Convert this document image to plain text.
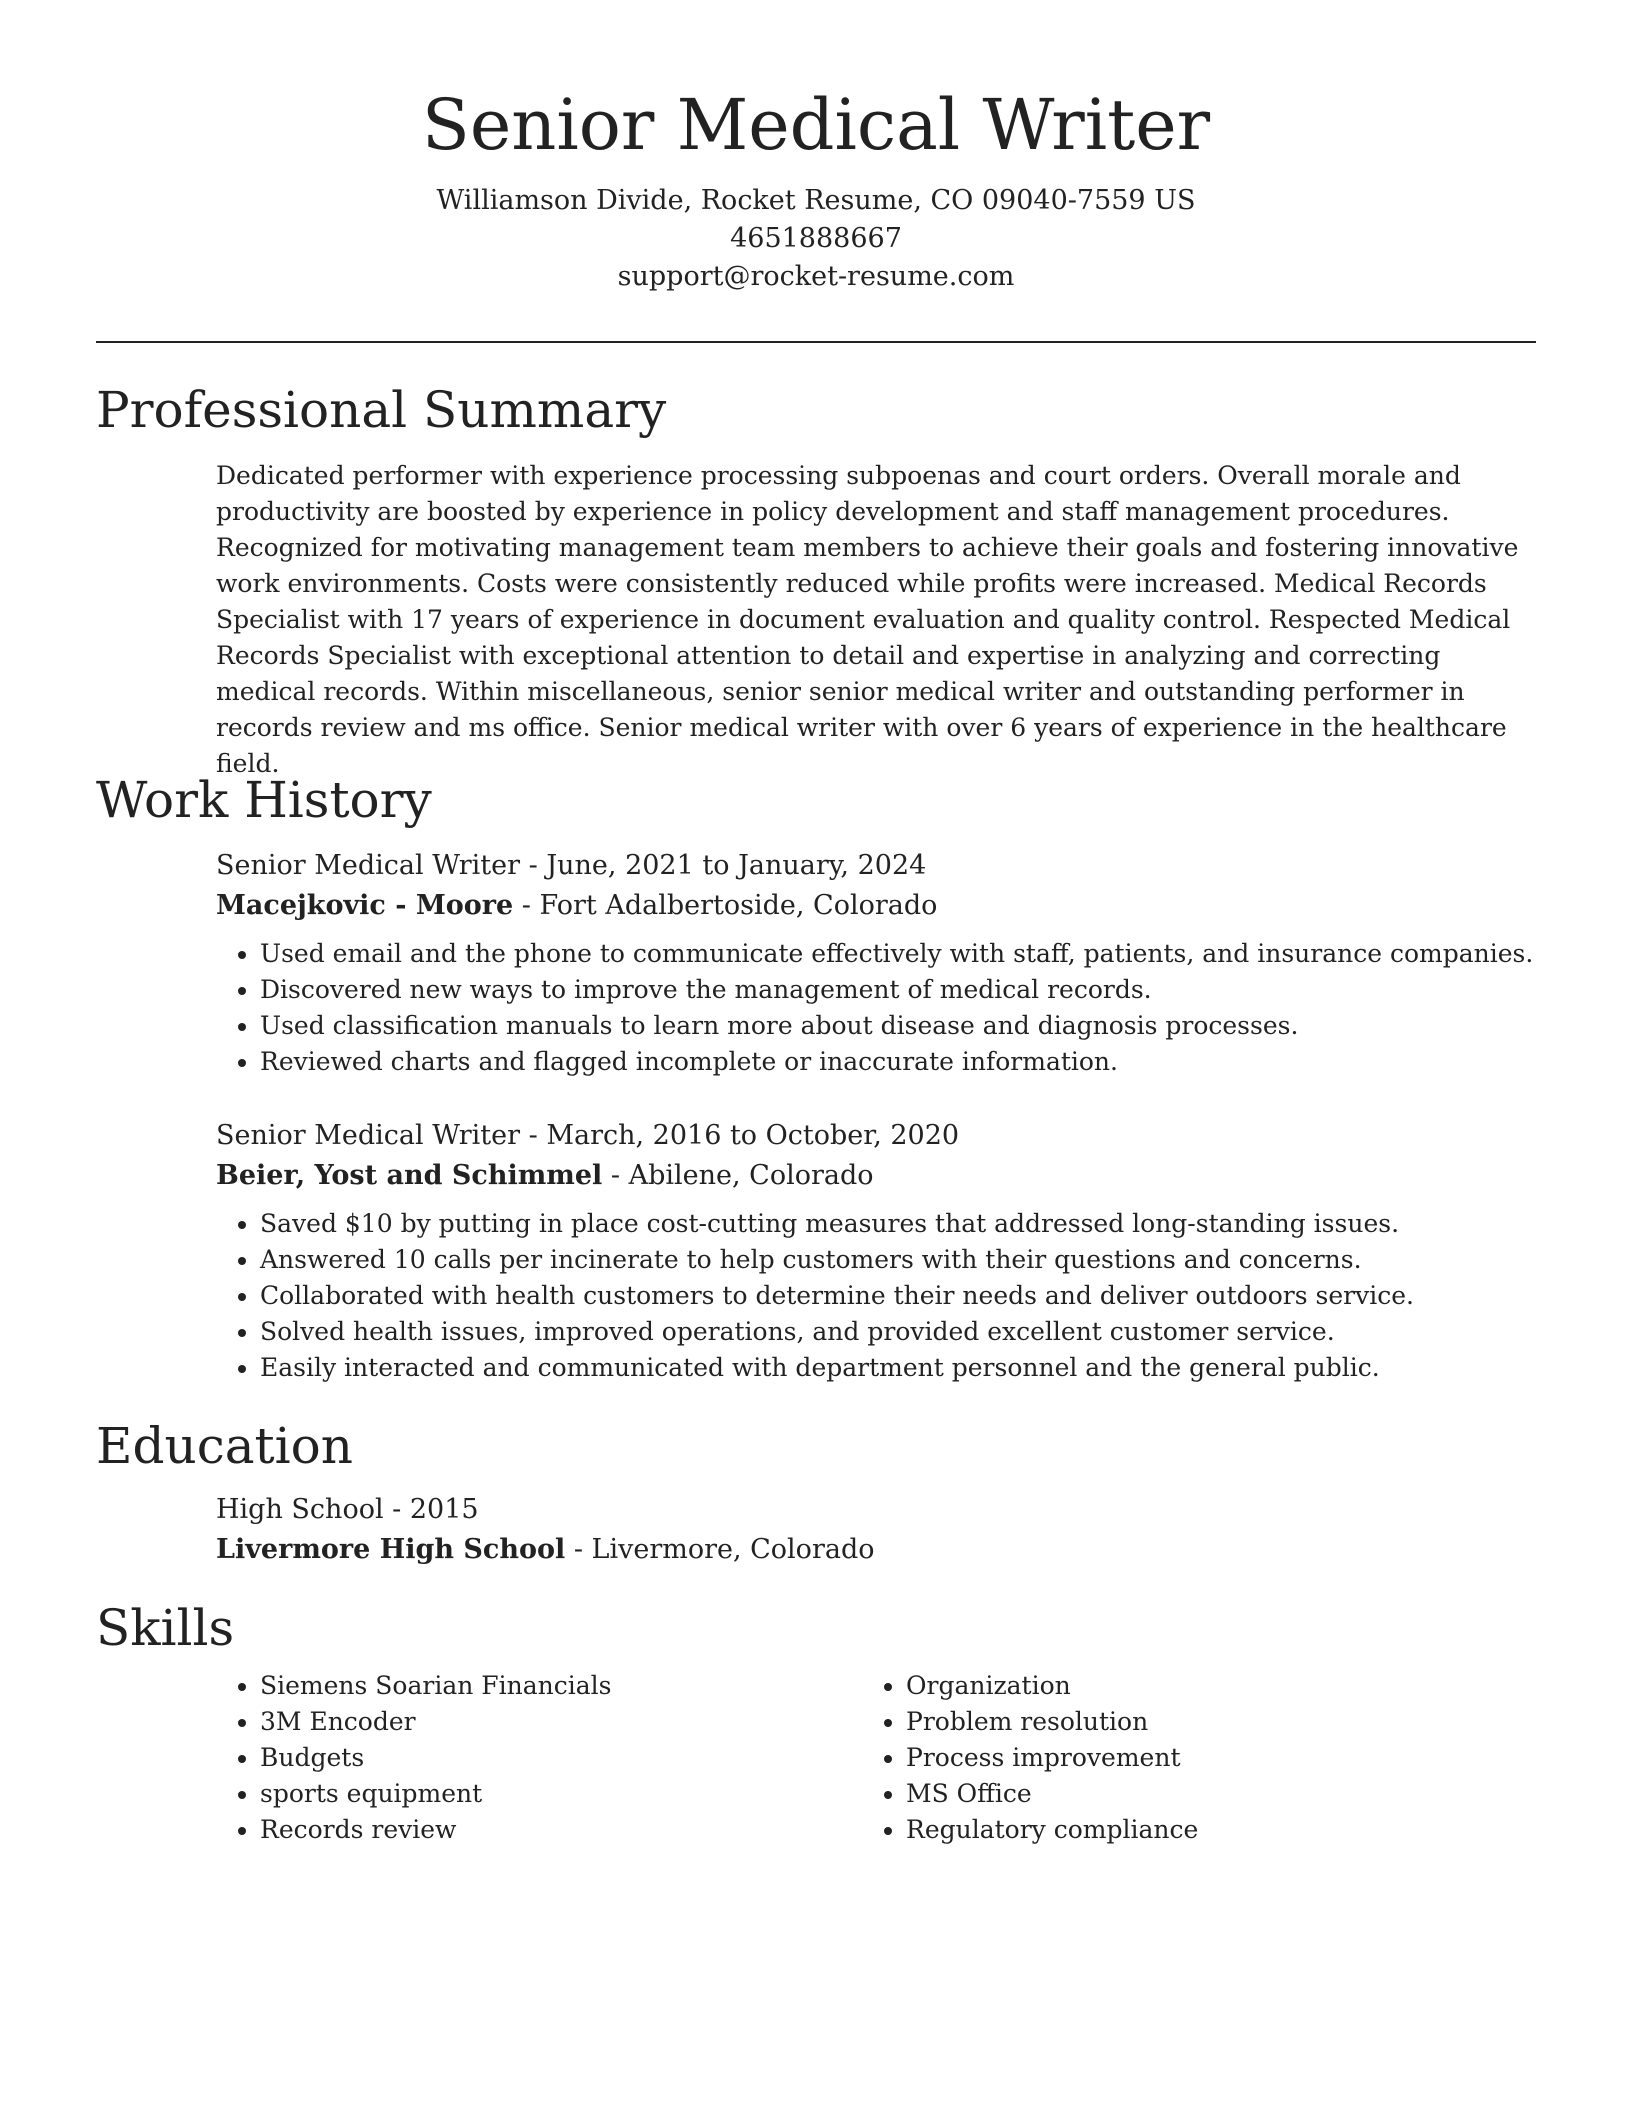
Senior Medical Writer
Williamson Divide, Rocket Resume, CO 09040-7559 US
4651888667
support@rocket-resume.com
Professional Summary
Dedicated performer with experience processing subpoenas and court orders. Overall morale and productivity are boosted by experience in policy development and staff management procedures. Recognized for motivating management team members to achieve their goals and fostering innovative work environments. Costs were consistently reduced while profits were increased. Medical Records Specialist with 17 years of experience in document evaluation and quality control. Respected Medical Records Specialist with exceptional attention to detail and expertise in analyzing and correcting medical records. Within miscellaneous, senior senior medical writer and outstanding performer in records review and ms office. Senior medical writer with over 6 years of experience in the healthcare field.
Work History
Senior Medical Writer - June, 2021 to January, 2024
Macejkovic - Moore - Fort Adalbertoside, Colorado
• Used email and the phone to communicate effectively with staff, patients, and insurance companies.
• Discovered new ways to improve the management of medical records.
• Used classification manuals to learn more about disease and diagnosis processes.
• Reviewed charts and flagged incomplete or inaccurate information.
Senior Medical Writer - March, 2016 to October, 2020
Beier, Yost and Schimmel - Abilene, Colorado
• Saved $10 by putting in place cost-cutting measures that addressed long-standing issues.
• Answered 10 calls per incinerate to help customers with their questions and concerns.
• Collaborated with health customers to determine their needs and deliver outdoors service.
• Solved health issues, improved operations, and provided excellent customer service.
• Easily interacted and communicated with department personnel and the general public.
Education
High School - 2015
Livermore High School - Livermore, Colorado
Skills
• Siemens Soarian Financials
• 3M Encoder
• Budgets
• sports equipment
• Records review
• Organization
• Problem resolution
• Process improvement
• MS Office
• Regulatory compliance
